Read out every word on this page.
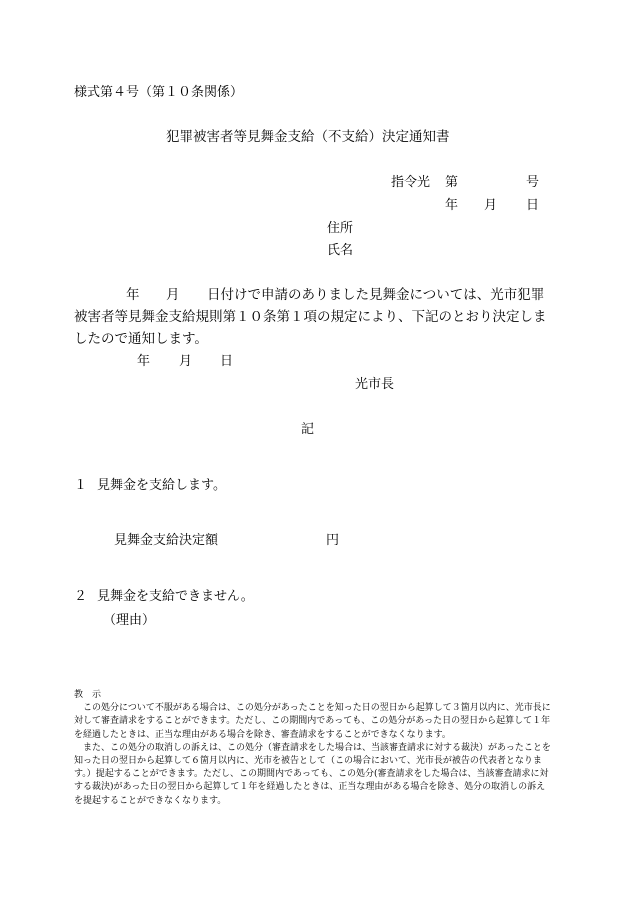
様式第４号（第１０条関係）
犯罪被害者等見舞金支給（不支給）決定通知書
指令光 第	号
年 月 日
住所
氏名
年 月	日付けで申請のありました見舞金については、光市犯罪被害者等見舞金支給規則第１０条第１項の規定により、下記のとおり決定しましたので通知します。
年 月 日
光市長
記
１ 見舞金を支給します。
見舞金支給決定額	円
２ 見舞金を支給できません。
（理由）

教　示

　この処分について不服がある場合は、この処分があったことを知った日の翌日から起算して３箇月以内に、光市長に対して審査請求をすることができます。ただし、この期間内であっても、この処分があった日の翌日から起算して１年を経過したときは、正当な理由がある場合を除き、審査請求をすることができなくなります。

　また、この処分の取消しの訴えは、この処分（審査請求をした場合は、当該審査請求に対する裁決）があったことを知った日の翌日から起算して６箇月以内に、光市を被告として（この場合において、光市長が被告の代表者となります。）提起することができます。ただし、この期間内であっても、この処分(審査請求をした場合は、当該審査請求に対する裁決)があった日の翌日から起算して１年を経過したときは、正当な理由がある場合を除き、処分の取消しの訴えを提起することができなくなります。
